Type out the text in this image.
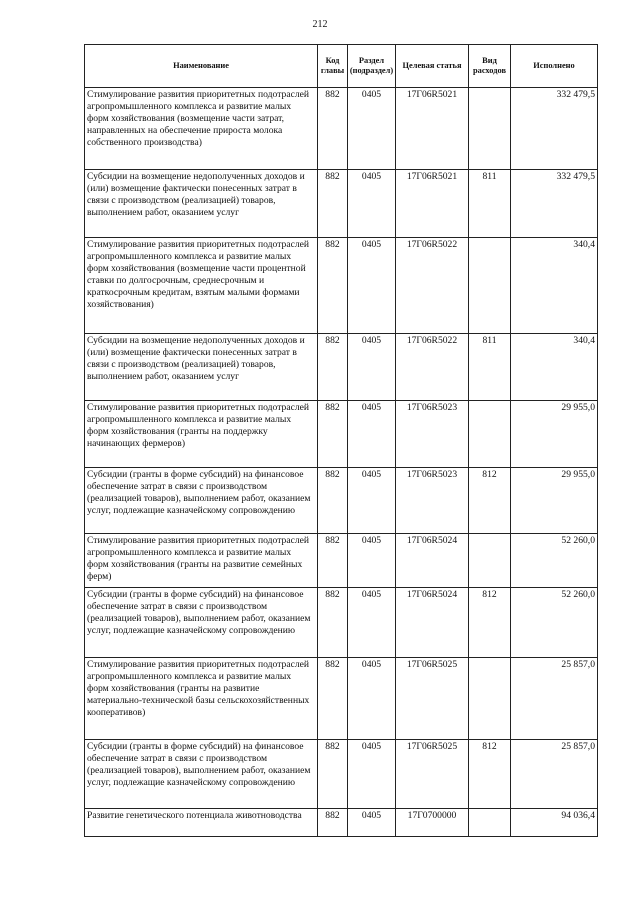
212
Наименование	Код главы	Раздел (подраздел)	Целевая статья	Вид расходов	Исполнено
Стимулирование развития приоритетных подотраслей агропромышленного комплекса и развитие малых форм хозяйствования (возмещение части затрат, направленных на обеспечение прироста молока собственного производства)	882	0405	17Г06R5021		332 479,5
Субсидии на возмещение недополученных доходов и (или) возмещение фактически понесенных затрат в связи с производством (реализацией) товаров, выполнением работ, оказанием услуг	882	0405	17Г06R5021	811	332 479,5
Стимулирование развития приоритетных подотраслей агропромышленного комплекса и развитие малых форм хозяйствования (возмещение части процентной ставки по долгосрочным, среднесрочным и краткосрочным кредитам, взятым малыми формами хозяйствования)	882	0405	17Г06R5022		340,4
Субсидии на возмещение недополученных доходов и (или) возмещение фактически понесенных затрат в связи с производством (реализацией) товаров, выполнением работ, оказанием услуг	882	0405	17Г06R5022	811	340,4
Стимулирование развития приоритетных подотраслей агропромышленного комплекса и развитие малых форм хозяйствования (гранты на поддержку начинающих фермеров)	882	0405	17Г06R5023		29 955,0
Субсидии (гранты в форме субсидий) на финансовое обеспечение затрат в связи с производством (реализацией товаров), выполнением работ, оказанием услуг, подлежащие казначейскому сопровождению	882	0405	17Г06R5023	812	29 955,0
Стимулирование развития приоритетных подотраслей агропромышленного комплекса и развитие малых форм хозяйствования (гранты на развитие семейных ферм)	882	0405	17Г06R5024		52 260,0
Субсидии (гранты в форме субсидий) на финансовое обеспечение затрат в связи с производством (реализацией товаров), выполнением работ, оказанием услуг, подлежащие казначейскому сопровождению	882	0405	17Г06R5024	812	52 260,0
Стимулирование развития приоритетных подотраслей агропромышленного комплекса и развитие малых форм хозяйствования (гранты на развитие материально-технической базы сельскохозяйственных кооперативов)	882	0405	17Г06R5025		25 857,0
Субсидии (гранты в форме субсидий) на финансовое обеспечение затрат в связи с производством (реализацией товаров), выполнением работ, оказанием услуг, подлежащие казначейскому сопровождению	882	0405	17Г06R5025	812	25 857,0
Развитие генетического потенциала животноводства	882	0405	17Г0700000		94 036,4
